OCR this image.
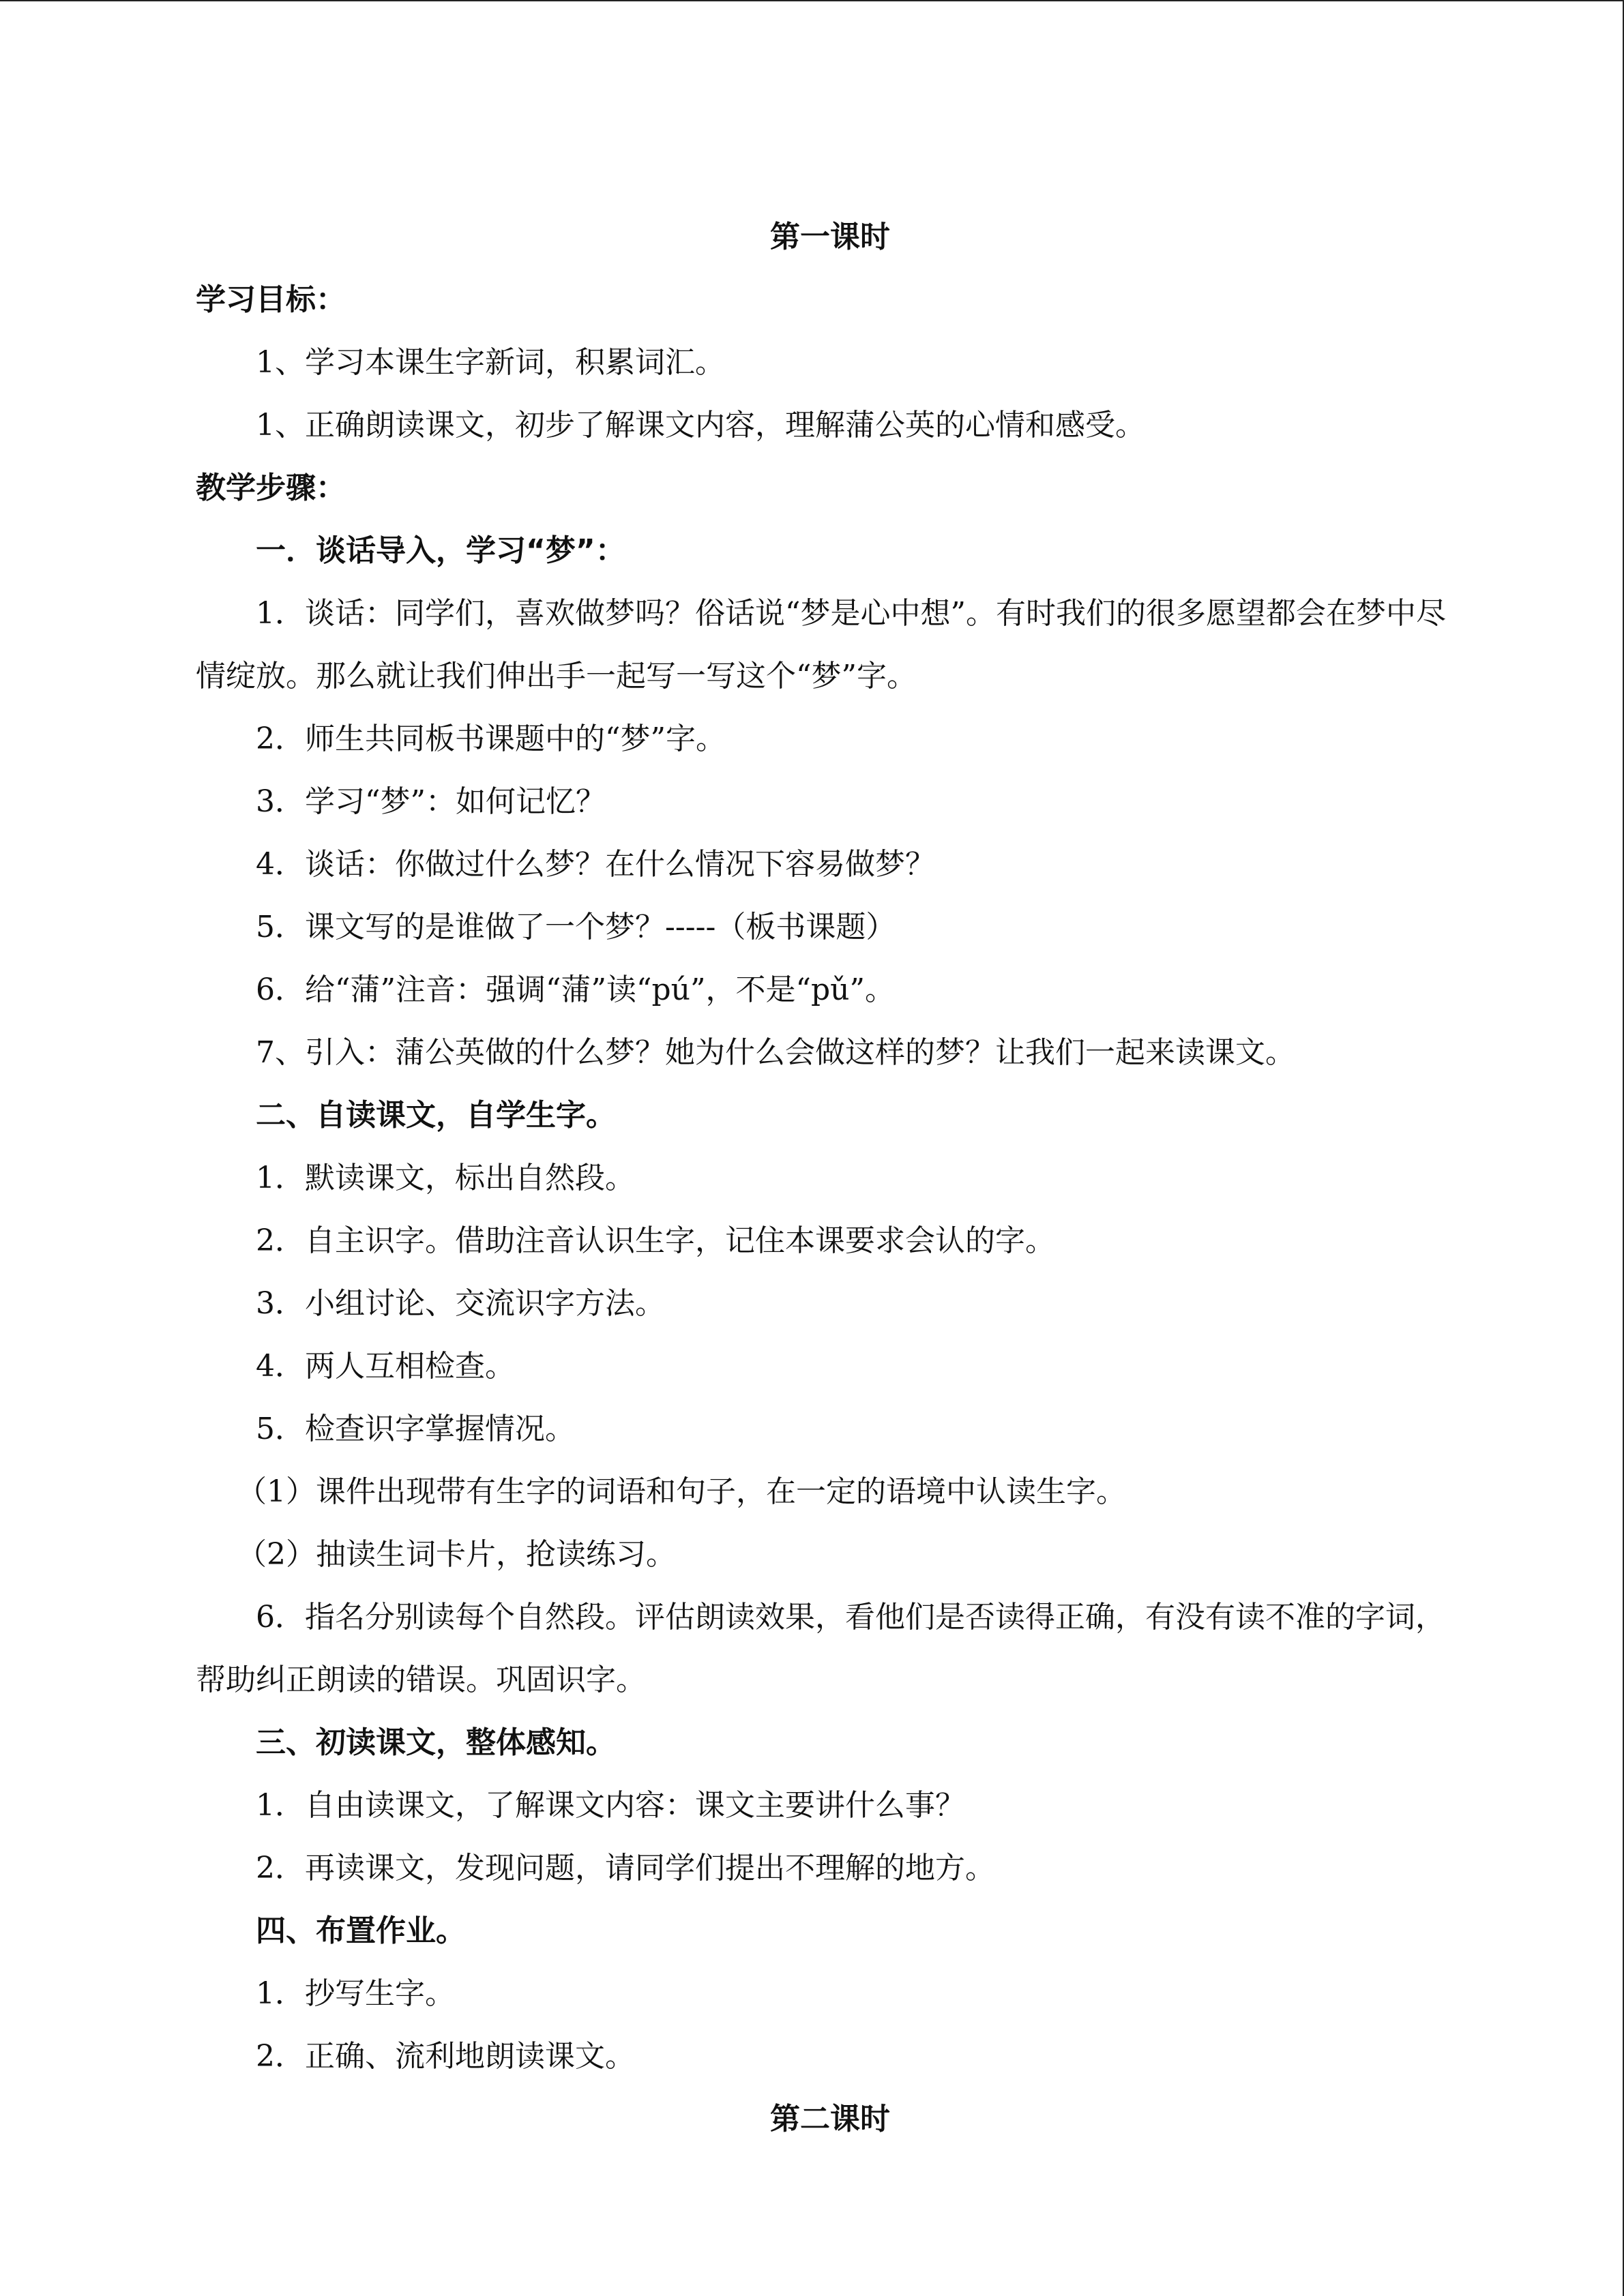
第一课时
学习目标：
1、学习本课生字新词，积累词汇。
1、正确朗读课文，初步了解课文内容，理解蒲公英的心情和感受。
教学步骤：
一．谈话导入，学习“梦”：
1．谈话：同学们，喜欢做梦吗？俗话说“梦是心中想”。有时我们的很多愿望都会在梦中尽情绽放。那么就让我们伸出手一起写一写这个“梦”字。
2．师生共同板书课题中的“梦”字。
3．学习“梦”：如何记忆？
4．谈话：你做过什么梦？在什么情况下容易做梦？
5．课文写的是谁做了一个梦？-----（板书课题）
6．给“蒲”注音：强调“蒲”读“pú”，不是“pǔ”。
7、引入：蒲公英做的什么梦？她为什么会做这样的梦？让我们一起来读课文。
二、自读课文，自学生字。
1．默读课文，标出自然段。
2．自主识字。借助注音认识生字，记住本课要求会认的字。
3．小组讨论、交流识字方法。
4．两人互相检查。
5．检查识字掌握情况。
（1）课件出现带有生字的词语和句子，在一定的语境中认读生字。
（2）抽读生词卡片，抢读练习。
6．指名分别读每个自然段。评估朗读效果，看他们是否读得正确，有没有读不准的字词，帮助纠正朗读的错误。巩固识字。
三、初读课文，整体感知。
1．自由读课文，了解课文内容：课文主要讲什么事？
2．再读课文，发现问题，请同学们提出不理解的地方。
四、布置作业。
1．抄写生字。
2．正确、流利地朗读课文。
第二课时
